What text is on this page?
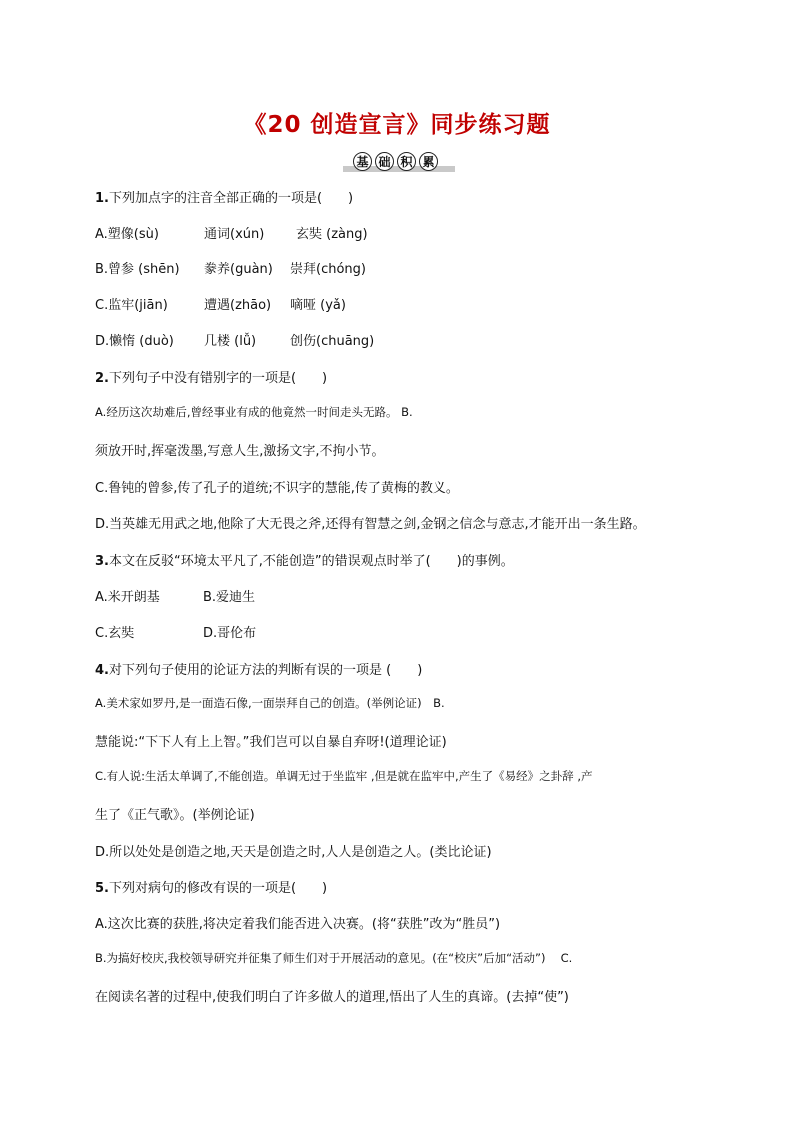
《20 创造宣言》同步练习题
基 础 积 累
1.下列加点字的注音全部正确的一项是(　　)
A.塑像(sù)	通词(xún) 玄奘 (zàng)
B.曾参 (shēn) 豢养(guàn) 崇拜(chóng)
C.监牢(jiān)	遭遇(zhāo) 嘀哑 (yǎ)
D.懒惰 (duò) 几楼 (lǚ)	创伤(chuāng)
2.下列句子中没有错别字的一项是(　　)
A.经历这次劫难后,曾经事业有成的他竟然一时间走头无路。 B.
须放开时,挥毫泼墨,写意人生,激扬文字,不拘小节。
C.鲁钝的曾参,传了孔子的道统;不识字的慧能,传了黄梅的教义。
D.当英雄无用武之地,他除了大无畏之斧,还得有智慧之剑,金钢之信念与意志,才能开出一条生路。
3.本文在反驳“环境太平凡了,不能创造”的错误观点时举了(　　)的事例。
A.米开朗基	B.爱迪生
C.玄奘	D.哥伦布
4.对下列句子使用的论证方法的判断有误的一项是 (　　)
A.美术家如罗丹,是一面造石像,一面崇拜自己的创造。(举例论证)　B.
慧能说:“下下人有上上智。”我们岂可以自暴自弃呀!(道理论证)
C.有人说:生活太单调了,不能创造。单调无过于坐监牢 ,但是就在监牢中,产生了《易经》之卦辞 ,产
生了《正气歌》。(举例论证)
D.所以处处是创造之地,天天是创造之时,人人是创造之人。(类比论证)
5.下列对病句的修改有误的一项是(　　)
A.这次比赛的获胜,将决定着我们能否进入决赛。(将“获胜”改为“胜员”)
B.为搞好校庆,我校领导研究并征集了师生们对于开展活动的意见。(在“校庆”后加“活动”)　 C.
在阅读名著的过程中,使我们明白了许多做人的道理,悟出了人生的真谛。(去掉“使”)
